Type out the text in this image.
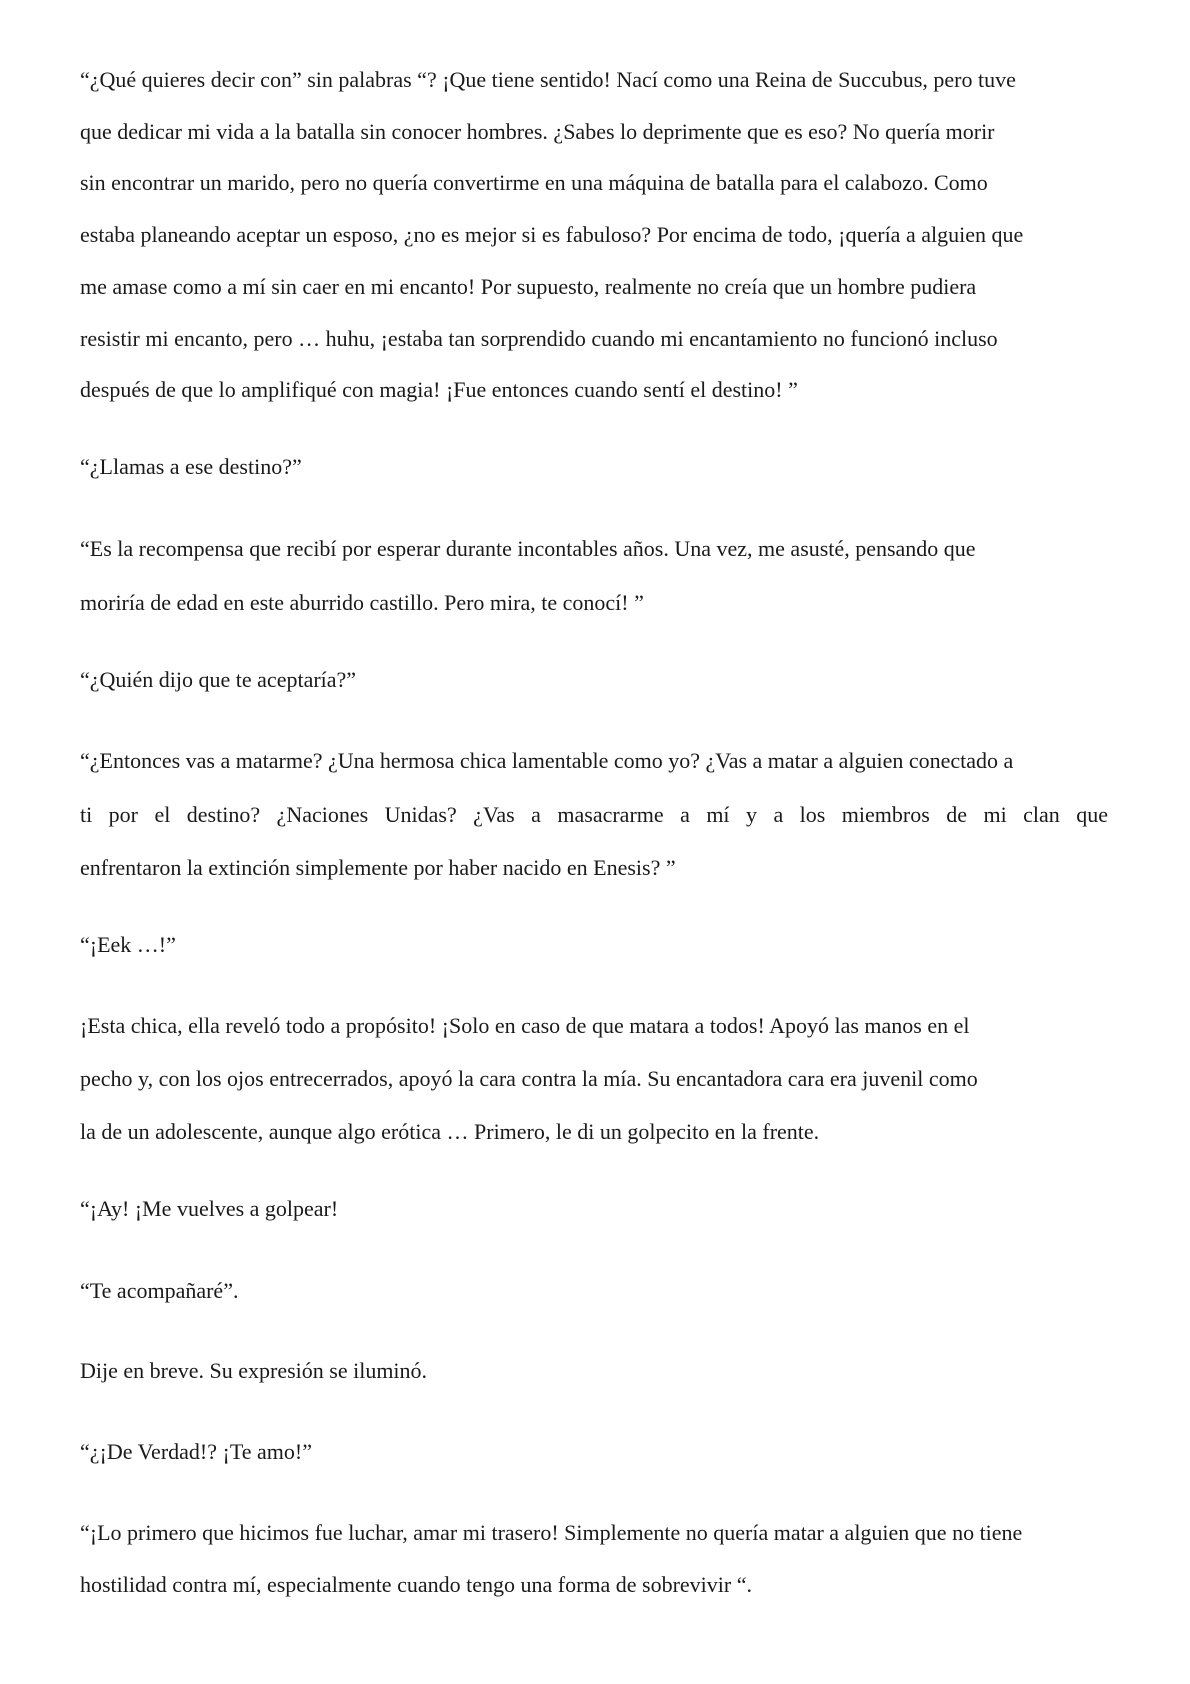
“¿Qué quieres decir con” sin palabras “? ¡Que tiene sentido! Nací como una Reina de Succubus, pero tuve

que dedicar mi vida a la batalla sin conocer hombres. ¿Sabes lo deprimente que es eso? No quería morir

sin encontrar un marido, pero no quería convertirme en una máquina de batalla para el calabozo. Como

estaba planeando aceptar un esposo, ¿no es mejor si es fabuloso? Por encima de todo, ¡quería a alguien que

me amase como a mí sin caer en mi encanto! Por supuesto, realmente no creía que un hombre pudiera

resistir mi encanto, pero … huhu, ¡estaba tan sorprendido cuando mi encantamiento no funcionó incluso

después de que lo amplifiqué con magia! ¡Fue entonces cuando sentí el destino! ”

“¿Llamas a ese destino?”

“Es la recompensa que recibí por esperar durante incontables años. Una vez, me asusté, pensando que

moriría de edad en este aburrido castillo. Pero mira, te conocí! ”

“¿Quién dijo que te aceptaría?”

“¿Entonces vas a matarme? ¿Una hermosa chica lamentable como yo? ¿Vas a matar a alguien conectado a

ti por el destino? ¿Naciones Unidas? ¿Vas a masacrarme a mí y a los miembros de mi clan que

enfrentaron la extinción simplemente por haber nacido en Enesis? ”

“¡Eek …!”

¡Esta chica, ella reveló todo a propósito! ¡Solo en caso de que matara a todos! Apoyó las manos en el

pecho y, con los ojos entrecerrados, apoyó la cara contra la mía. Su encantadora cara era juvenil como

la de un adolescente, aunque algo erótica … Primero, le di un golpecito en la frente.

“¡Ay! ¡Me vuelves a golpear!

“Te acompañaré”.

Dije en breve. Su expresión se iluminó.

“¿¡De Verdad!? ¡Te amo!”

“¡Lo primero que hicimos fue luchar, amar mi trasero! Simplemente no quería matar a alguien que no tiene

hostilidad contra mí, especialmente cuando tengo una forma de sobrevivir “.
